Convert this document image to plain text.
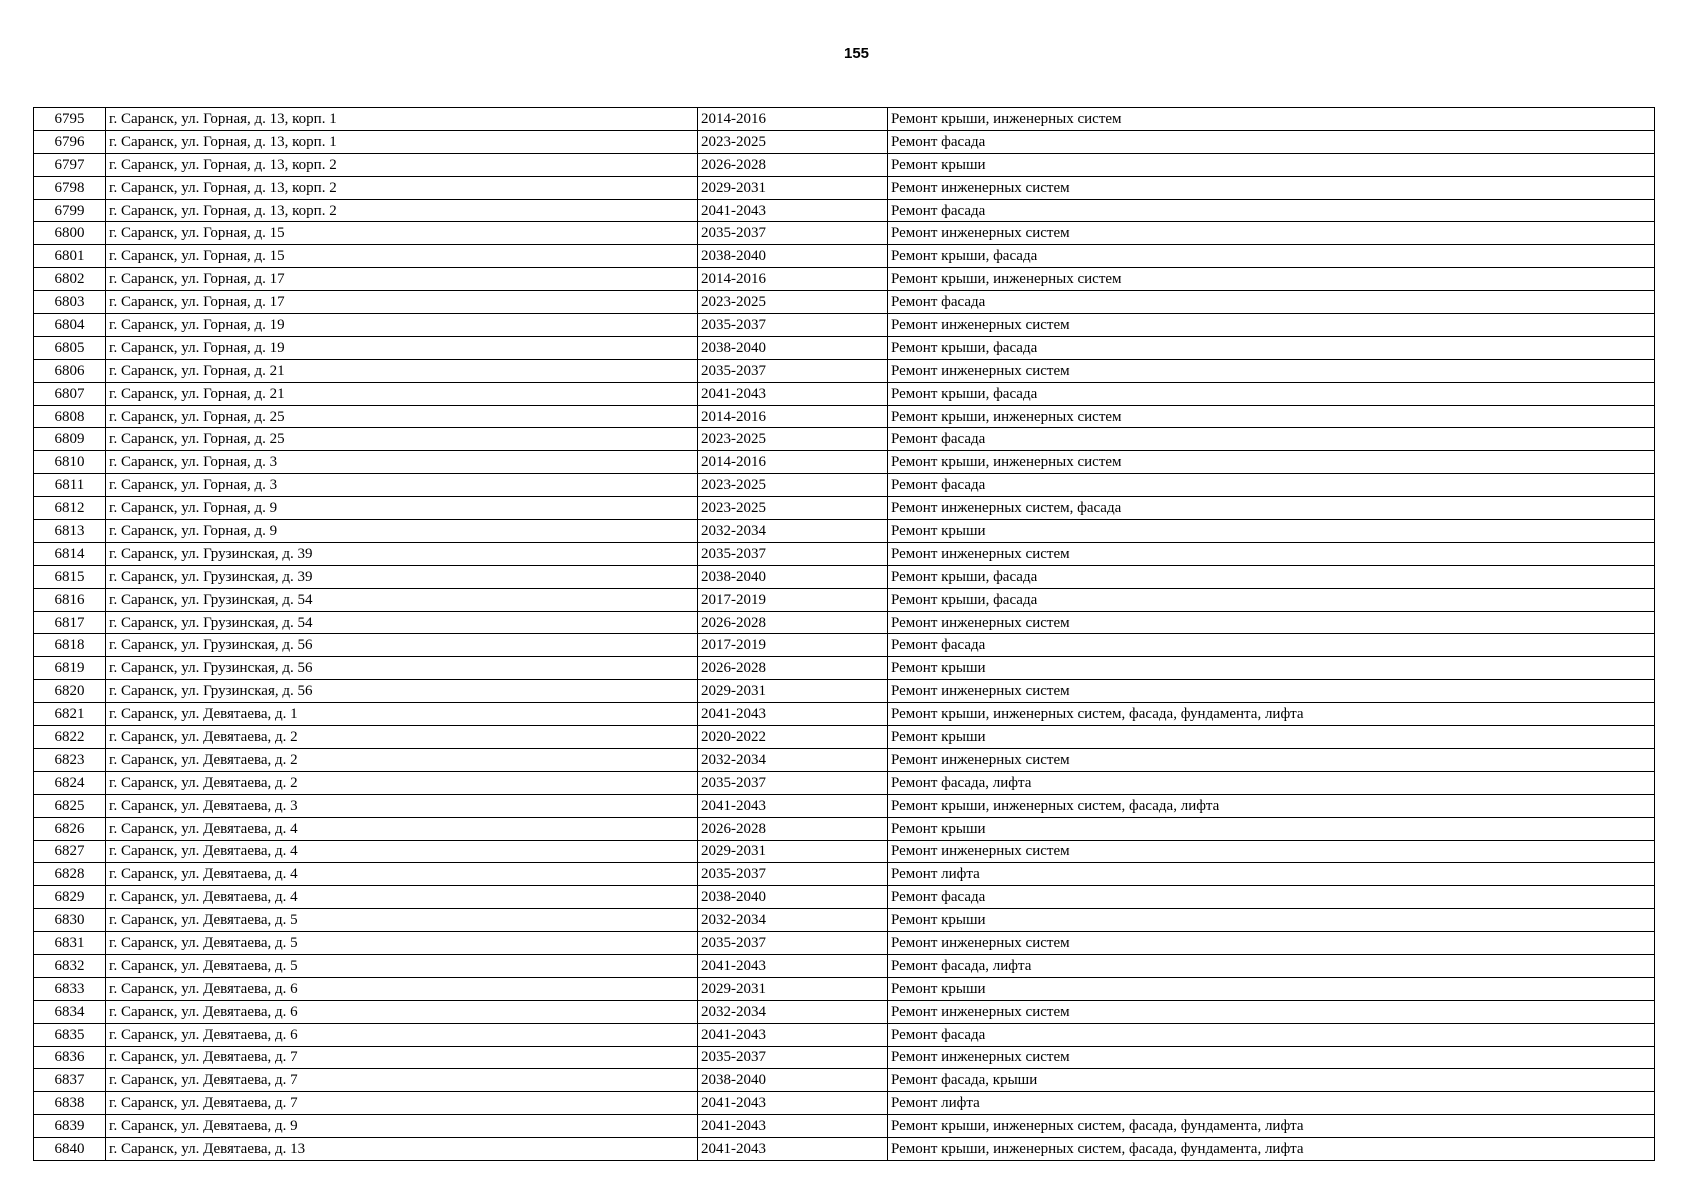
155
6795	г. Саранск, ул. Горная, д. 13, корп. 1	2014-2016	Ремонт крыши, инженерных систем
6796	г. Саранск, ул. Горная, д. 13, корп. 1	2023-2025	Ремонт фасада
6797	г. Саранск, ул. Горная, д. 13, корп. 2	2026-2028	Ремонт крыши
6798	г. Саранск, ул. Горная, д. 13, корп. 2	2029-2031	Ремонт инженерных систем
6799	г. Саранск, ул. Горная, д. 13, корп. 2	2041-2043	Ремонт фасада
6800	г. Саранск, ул. Горная, д. 15	2035-2037	Ремонт инженерных систем
6801	г. Саранск, ул. Горная, д. 15	2038-2040	Ремонт крыши, фасада
6802	г. Саранск, ул. Горная, д. 17	2014-2016	Ремонт крыши, инженерных систем
6803	г. Саранск, ул. Горная, д. 17	2023-2025	Ремонт фасада
6804	г. Саранск, ул. Горная, д. 19	2035-2037	Ремонт инженерных систем
6805	г. Саранск, ул. Горная, д. 19	2038-2040	Ремонт крыши, фасада
6806	г. Саранск, ул. Горная, д. 21	2035-2037	Ремонт инженерных систем
6807	г. Саранск, ул. Горная, д. 21	2041-2043	Ремонт крыши, фасада
6808	г. Саранск, ул. Горная, д. 25	2014-2016	Ремонт крыши, инженерных систем
6809	г. Саранск, ул. Горная, д. 25	2023-2025	Ремонт фасада
6810	г. Саранск, ул. Горная, д. 3	2014-2016	Ремонт крыши, инженерных систем
6811	г. Саранск, ул. Горная, д. 3	2023-2025	Ремонт фасада
6812	г. Саранск, ул. Горная, д. 9	2023-2025	Ремонт инженерных систем, фасада
6813	г. Саранск, ул. Горная, д. 9	2032-2034	Ремонт крыши
6814	г. Саранск, ул. Грузинская, д. 39	2035-2037	Ремонт инженерных систем
6815	г. Саранск, ул. Грузинская, д. 39	2038-2040	Ремонт крыши, фасада
6816	г. Саранск, ул. Грузинская, д. 54	2017-2019	Ремонт крыши, фасада
6817	г. Саранск, ул. Грузинская, д. 54	2026-2028	Ремонт инженерных систем
6818	г. Саранск, ул. Грузинская, д. 56	2017-2019	Ремонт фасада
6819	г. Саранск, ул. Грузинская, д. 56	2026-2028	Ремонт крыши
6820	г. Саранск, ул. Грузинская, д. 56	2029-2031	Ремонт инженерных систем
6821	г. Саранск, ул. Девятаева, д. 1	2041-2043	Ремонт крыши, инженерных систем, фасада, фундамента, лифта
6822	г. Саранск, ул. Девятаева, д. 2	2020-2022	Ремонт крыши
6823	г. Саранск, ул. Девятаева, д. 2	2032-2034	Ремонт инженерных систем
6824	г. Саранск, ул. Девятаева, д. 2	2035-2037	Ремонт фасада, лифта
6825	г. Саранск, ул. Девятаева, д. 3	2041-2043	Ремонт крыши, инженерных систем, фасада, лифта
6826	г. Саранск, ул. Девятаева, д. 4	2026-2028	Ремонт крыши
6827	г. Саранск, ул. Девятаева, д. 4	2029-2031	Ремонт инженерных систем
6828	г. Саранск, ул. Девятаева, д. 4	2035-2037	Ремонт лифта
6829	г. Саранск, ул. Девятаева, д. 4	2038-2040	Ремонт фасада
6830	г. Саранск, ул. Девятаева, д. 5	2032-2034	Ремонт крыши
6831	г. Саранск, ул. Девятаева, д. 5	2035-2037	Ремонт инженерных систем
6832	г. Саранск, ул. Девятаева, д. 5	2041-2043	Ремонт фасада, лифта
6833	г. Саранск, ул. Девятаева, д. 6	2029-2031	Ремонт крыши
6834	г. Саранск, ул. Девятаева, д. 6	2032-2034	Ремонт инженерных систем
6835	г. Саранск, ул. Девятаева, д. 6	2041-2043	Ремонт фасада
6836	г. Саранск, ул. Девятаева, д. 7	2035-2037	Ремонт инженерных систем
6837	г. Саранск, ул. Девятаева, д. 7	2038-2040	Ремонт фасада, крыши
6838	г. Саранск, ул. Девятаева, д. 7	2041-2043	Ремонт лифта
6839	г. Саранск, ул. Девятаева, д. 9	2041-2043	Ремонт крыши, инженерных систем, фасада, фундамента, лифта
6840	г. Саранск, ул. Девятаева, д. 13	2041-2043	Ремонт крыши, инженерных систем, фасада, фундамента, лифта
